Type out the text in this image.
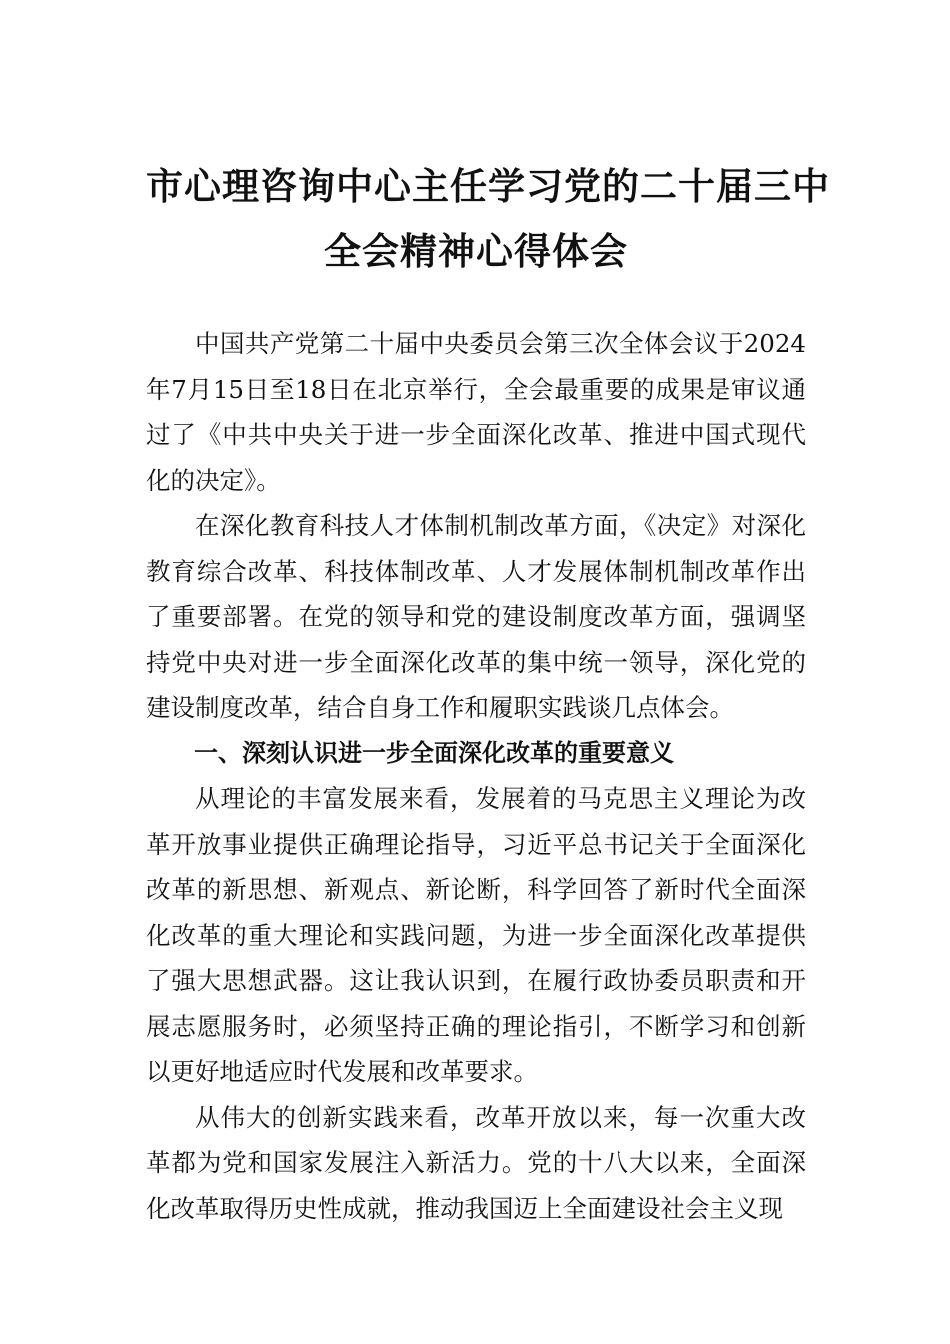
市心理咨询中心主任学习党的二十届三中
全会精神心得体会

中国共产党第二十届中央委员会第三次全体会议于2024年7月15日至18日在北京举行，全会最重要的成果是审议通过了《中共中央关于进一步全面深化改革、推进中国式现代化的决定》。

在深化教育科技人才体制机制改革方面，《决定》对深化教育综合改革、科技体制改革、人才发展体制机制改革作出了重要部署。在党的领导和党的建设制度改革方面，强调坚持党中央对进一步全面深化改革的集中统一领导，深化党的建设制度改革，结合自身工作和履职实践谈几点体会。

一、深刻认识进一步全面深化改革的重要意义

从理论的丰富发展来看，发展着的马克思主义理论为改革开放事业提供正确理论指导，习近平总书记关于全面深化改革的新思想、新观点、新论断，科学回答了新时代全面深化改革的重大理论和实践问题，为进一步全面深化改革提供了强大思想武器。这让我认识到，在履行政协委员职责和开展志愿服务时，必须坚持正确的理论指引，不断学习和创新以更好地适应时代发展和改革要求。

从伟大的创新实践来看，改革开放以来，每一次重大改革都为党和国家发展注入新活力。党的十八大以来，全面深化改革取得历史性成就，推动我国迈上全面建设社会主义现
